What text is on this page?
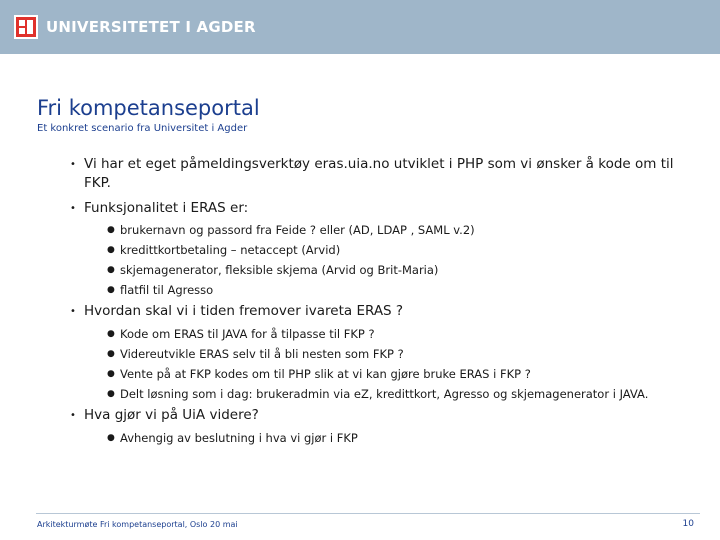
UNIVERSITETET I AGDER
Fri kompetanseportal
Et konkret scenario fra Universitet i Agder
• Vi har et eget påmeldingsverktøy eras.uia.no utviklet i PHP som vi ønsker å kode om til FKP.
• Funksjonalitet i ERAS er:
● brukernavn og passord fra Feide ? eller (AD, LDAP , SAML v.2)
● kredittkortbetaling – netaccept (Arvid)
● skjemagenerator, fleksible skjema (Arvid og Brit-Maria)
● flatfil til Agresso
• Hvordan skal vi i tiden fremover ivareta ERAS ?
● Kode om ERAS til JAVA for å tilpasse til FKP ?
● Videreutvikle ERAS selv til å bli nesten som FKP ?
● Vente på at FKP kodes om til PHP slik at vi kan gjøre bruke ERAS i FKP ?
● Delt løsning som i dag: brukeradmin via eZ, kredittkort, Agresso og skjemagenerator i JAVA.
• Hva gjør vi på UiA videre?
● Avhengig av beslutning i hva vi gjør i FKP
Arkitekturmøte Fri kompetanseportal, Oslo 20 mai	10
